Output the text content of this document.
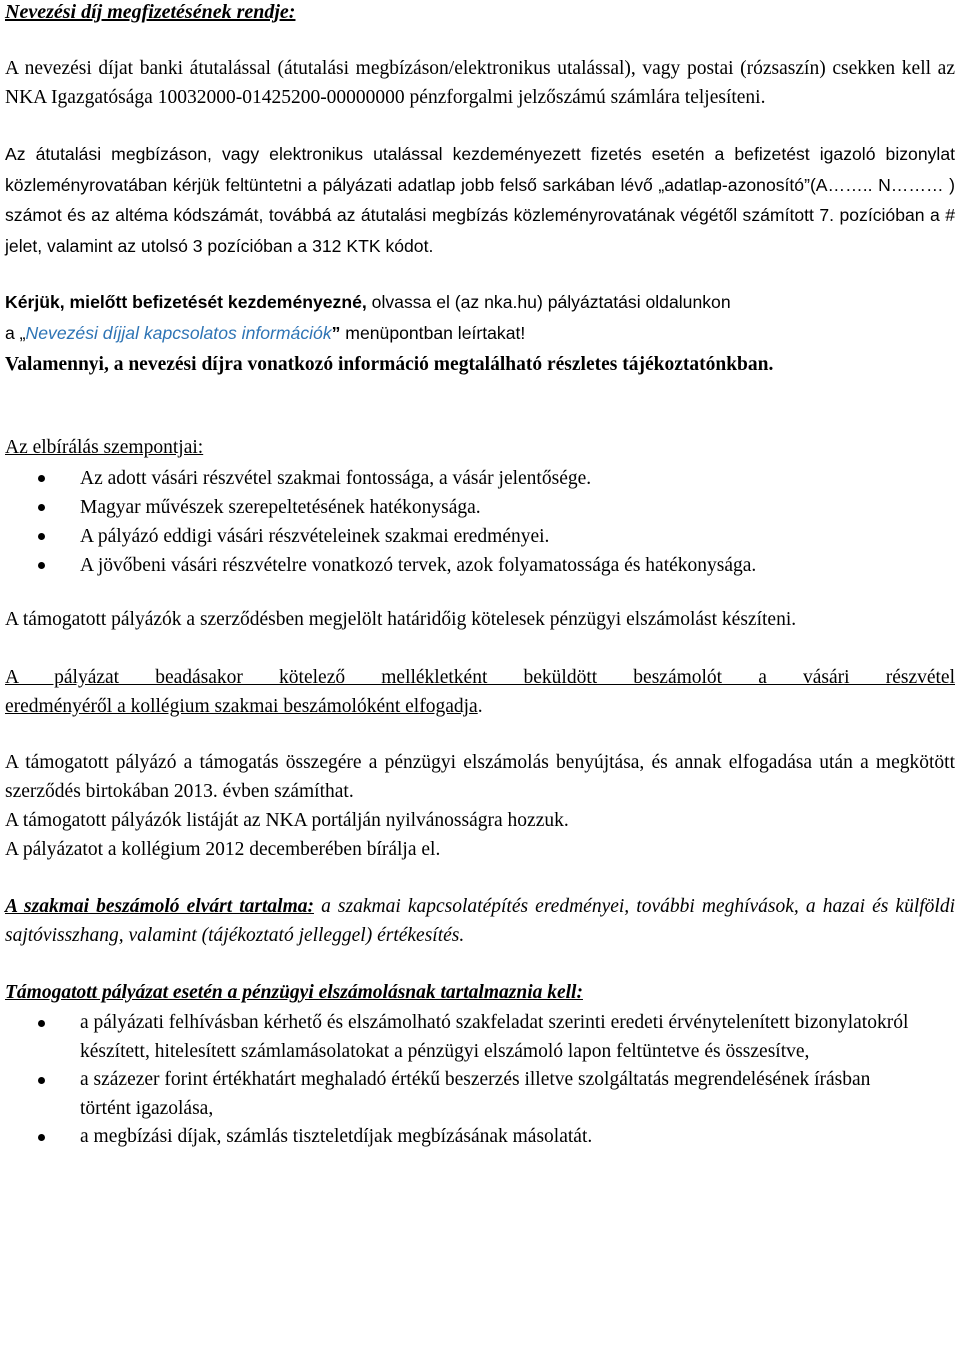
Nevezési díj megfizetésének rendje:

A nevezési díjat banki átutalással (átutalási megbízáson/elektronikus utalással), vagy postai (rózsaszín) csekken kell az NKA Igazgatósága 10032000-01425200-00000000 pénzforgalmi jelzőszámú számlára teljesíteni.

Az átutalási megbízáson, vagy elektronikus utalással kezdeményezett fizetés esetén a befizetést igazoló bizonylat közleményrovatában kérjük feltüntetni a pályázati adatlap jobb felső sarkában lévő „adatlap-azonosító”(A…….. N……… ) számot és az altéma kódszámát, továbbá az átutalási megbízás közleményrovatának végétől számított 7. pozícióban a # jelet, valamint az utolsó 3 pozícióban a 312 KTK kódot.

Kérjük, mielőtt befizetését kezdeményezné, olvassa el (az nka.hu) pályáztatási oldalunkon
a „Nevezési díjjal kapcsolatos információk” menüpontban leírtakat!

Valamennyi, a nevezési díjra vonatkozó információ megtalálható részletes tájékoztatónkban.

Az elbírálás szempontjai:

Az adott vásári részvétel szakmai fontossága, a vásár jelentősége.
Magyar művészek szerepeltetésének hatékonysága.
A pályázó eddigi vásári részvételeinek szakmai eredményei.
A jövőbeni vásári részvételre vonatkozó tervek, azok folyamatossága és hatékonysága.

A támogatott pályázók a szerződésben megjelölt határidőig kötelesek pénzügyi elszámolást készíteni.

A pályázat beadásakor kötelező mellékletként beküldött beszámolót a vásári részvétel
eredményéről a kollégium szakmai beszámolóként elfogadja.

A támogatott pályázó a támogatás összegére a pénzügyi elszámolás benyújtása, és annak elfogadása után a megkötött szerződés birtokában 2013. évben számíthat.

A támogatott pályázók listáját az NKA portálján nyilvánosságra hozzuk.

A pályázatot a kollégium 2012 decemberében bírálja el.

A szakmai beszámoló elvárt tartalma: a szakmai kapcsolatépítés eredményei, további meghívások, a hazai és külföldi sajtóvisszhang, valamint (tájékoztató jelleggel) értékesítés.

Támogatott pályázat esetén a pénzügyi elszámolásnak tartalmaznia kell:

a pályázati felhívásban kérhető és elszámolható szakfeladat szerinti eredeti érvénytelenített bizonylatokról készített, hitelesített számlamásolatokat a pénzügyi elszámoló lapon feltüntetve és összesítve,
a százezer forint értékhatárt meghaladó értékű beszerzés illetve szolgáltatás megrendelésének írásban történt igazolása,
a megbízási díjak, számlás tiszteletdíjak megbízásának másolatát.
